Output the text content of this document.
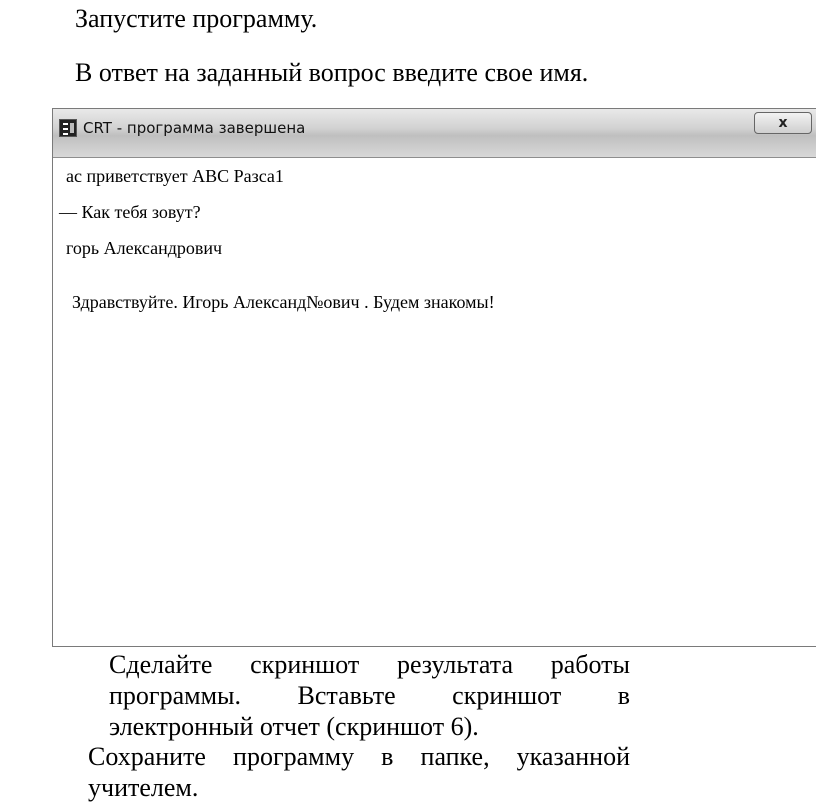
Запустите программу.
В ответ на заданный вопрос введите свое имя.
CRT - программа завершена	x
ас приветствует ABC Разса1
— Как тебя зовут?
горь Александрович
Здравствуйте. Игорь Александ№ович . Будем знакомы!
Сделайте скриншот результата работы
программы. Вставьте скриншот в
электронный отчет (скриншот 6).
Сохраните программу в папке, указанной
учителем.
